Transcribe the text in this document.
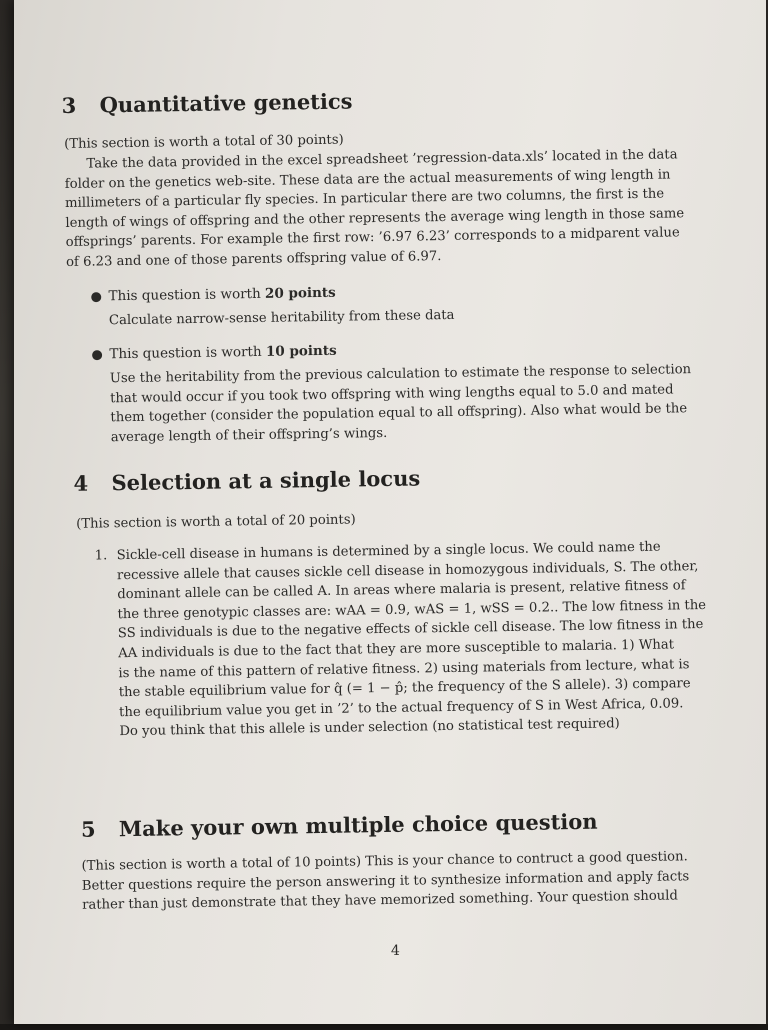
3 Quantitative genetics
(This section is worth a total of 30 points)
Take the data provided in the excel spreadsheet ’regression-data.xls’ located in the data
folder on the genetics web-site. These data are the actual measurements of wing length in
millimeters of a particular fly species. In particular there are two columns, the first is the
length of wings of offspring and the other represents the average wing length in those same
offsprings’ parents. For example the first row: ’6.97 6.23’ corresponds to a midparent value
of 6.23 and one of those parents offspring value of 6.97.
● This question is worth 20 points
Calculate narrow-sense heritability from these data
● This question is worth 10 points
Use the heritability from the previous calculation to estimate the response to selection
that would occur if you took two offspring with wing lengths equal to 5.0 and mated
them together (consider the population equal to all offspring). Also what would be the
average length of their offspring’s wings.
4 Selection at a single locus
(This section is worth a total of 20 points)
1. Sickle-cell disease in humans is determined by a single locus. We could name the
recessive allele that causes sickle cell disease in homozygous individuals, S. The other,
dominant allele can be called A. In areas where malaria is present, relative fitness of
the three genotypic classes are: wAA = 0.9, wAS = 1, wSS = 0.2.. The low fitness in the
SS individuals is due to the negative effects of sickle cell disease. The low fitness in the
AA individuals is due to the fact that they are more susceptible to malaria. 1) What
is the name of this pattern of relative fitness. 2) using materials from lecture, what is
the stable equilibrium value for q̂ (= 1 − p̂; the frequency of the S allele). 3) compare
the equilibrium value you get in ’2’ to the actual frequency of S in West Africa, 0.09.
Do you think that this allele is under selection (no statistical test required)
5 Make your own multiple choice question
(This section is worth a total of 10 points) This is your chance to contruct a good question.
Better questions require the person answering it to synthesize information and apply facts
rather than just demonstrate that they have memorized something. Your question should
4
